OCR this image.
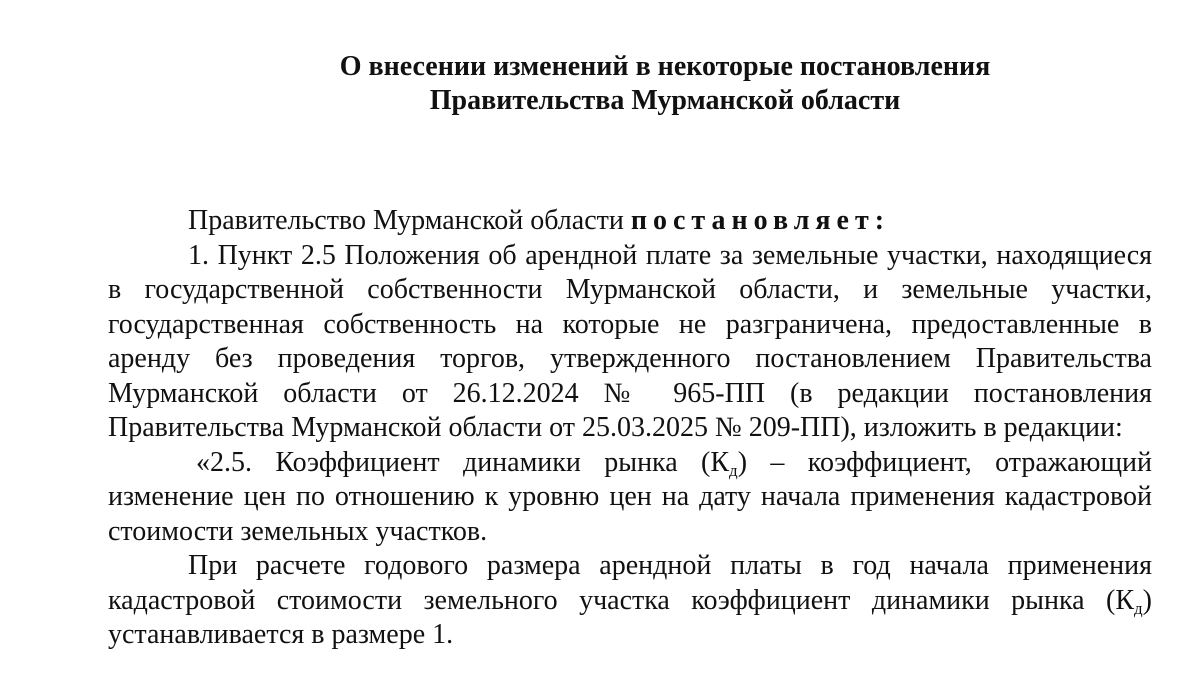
О внесении изменений в некоторые постановления
Правительства Мурманской области

Правительство Мурманской области постановляет:

1. Пункт 2.5 Положения об арендной плате за земельные участки, находящиеся в государственной собственности Мурманской области, и земельные участки, государственная собственность на которые не разграничена, предоставленные в аренду без проведения торгов, утвержденного постановлением Правительства Мурманской области от 26.12.2024 № 965-ПП (в редакции постановления Правительства Мурманской области от 25.03.2025 № 209-ПП), изложить в редакции:

«2.5. Коэффициент динамики рынка $(К_д)$ – коэффициент, отражающий изменение цен по отношению к уровню цен на дату начала применения кадастровой стоимости земельных участков.

При расчете годового размера арендной платы в год начала применения кадастровой стоимости земельного участка коэффициент динамики рынка $(К_д)$ устанавливается в размере 1.
